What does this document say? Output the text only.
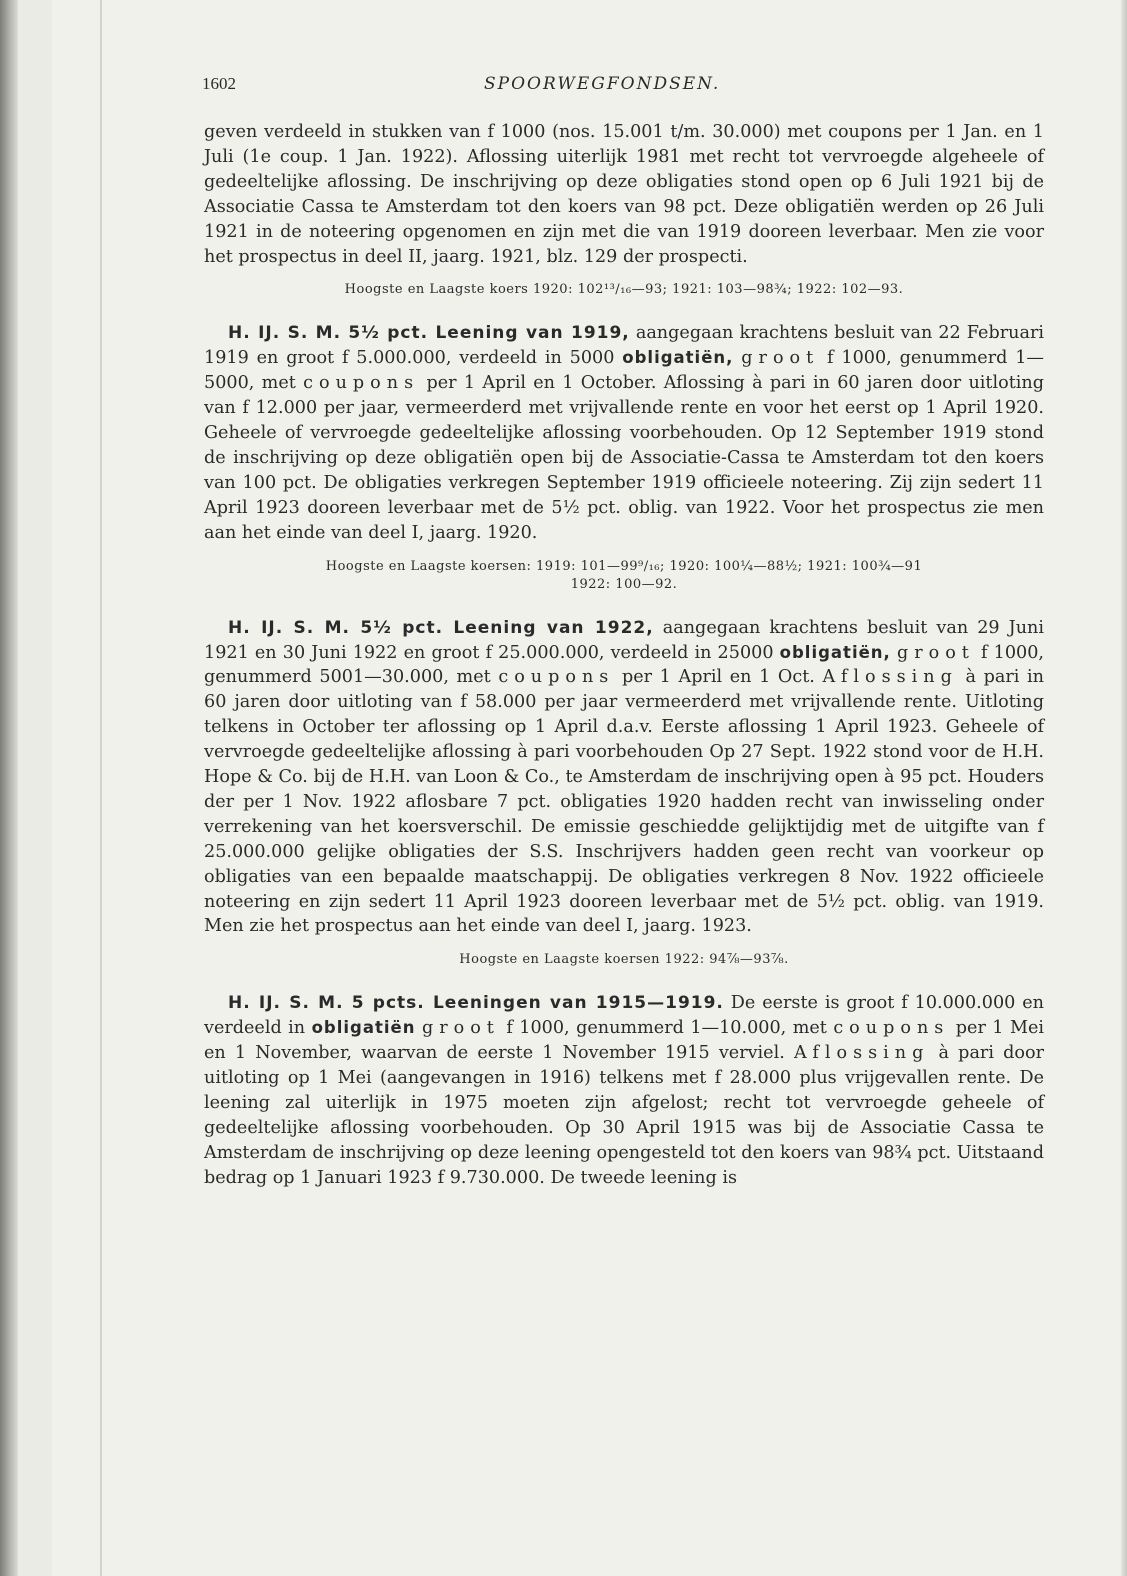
1602	SPOORWEGFONDSEN.

geven verdeeld in stukken van f 1000 (nos. 15.001 t/m. 30.000) met coupons per 1 Jan. en 1 Juli (1e coup. 1 Jan. 1922). Aflossing uiterlijk 1981 met recht tot vervroegde algeheele of gedeeltelijke aflossing. De inschrijving op deze obligaties stond open op 6 Juli 1921 bij de Associatie Cassa te Amsterdam tot den koers van 98 pct. Deze obligatiën werden op 26 Juli 1921 in de noteering opgenomen en zijn met die van 1919 dooreen leverbaar. Men zie voor het prospectus in deel II, jaarg. 1921, blz. 129 der prospecti.

Hoogste en Laagste koers 1920: 102¹³/₁₆—93; 1921: 103—98¾; 1922: 102—93.

H. IJ. S. M. 5½ pct. Leening van 1919, aangegaan krachtens besluit van 22 Februari 1919 en groot f 5.000.000, verdeeld in 5000 obligatiën, groot f 1000, genummerd 1—5000, met coupons per 1 April en 1 October. Aflossing à pari in 60 jaren door uitloting van f 12.000 per jaar, vermeerderd met vrijvallende rente en voor het eerst op 1 April 1920. Geheele of vervroegde gedeeltelijke aflossing voorbehouden. Op 12 September 1919 stond de inschrijving op deze obligatiën open bij de Associatie-Cassa te Amsterdam tot den koers van 100 pct. De obligaties verkregen September 1919 officieele noteering. Zij zijn sedert 11 April 1923 dooreen leverbaar met de 5½ pct. oblig. van 1922. Voor het prospectus zie men aan het einde van deel I, jaarg. 1920.

Hoogste en Laagste koersen: 1919: 101—99⁹/₁₆; 1920: 100¼—88½; 1921: 100¾—91
1922: 100—92.

H. IJ. S. M. 5½ pct. Leening van 1922, aangegaan krachtens besluit van 29 Juni 1921 en 30 Juni 1922 en groot f 25.000.000, verdeeld in 25000 obligatiën, groot f 1000, genummerd 5001—30.000, met coupons per 1 April en 1 Oct. Aflossing à pari in 60 jaren door uitloting van f 58.000 per jaar vermeerderd met vrijvallende rente. Uitloting telkens in October ter aflossing op 1 April d.a.v. Eerste aflossing 1 April 1923. Geheele of vervroegde gedeeltelijke aflossing à pari voorbehouden Op 27 Sept. 1922 stond voor de H.H. Hope & Co. bij de H.H. van Loon & Co., te Amsterdam de inschrijving open à 95 pct. Houders der per 1 Nov. 1922 aflosbare 7 pct. obligaties 1920 hadden recht van inwisseling onder verrekening van het koersverschil. De emissie geschiedde gelijktijdig met de uitgifte van f 25.000.000 gelijke obligaties der S.S. Inschrijvers hadden geen recht van voorkeur op obligaties van een bepaalde maatschappij. De obligaties verkregen 8 Nov. 1922 officieele noteering en zijn sedert 11 April 1923 dooreen leverbaar met de 5½ pct. oblig. van 1919. Men zie het prospectus aan het einde van deel I, jaarg. 1923.

Hoogste en Laagste koersen 1922: 94⅞—93⅞.

H. IJ. S. M. 5 pcts. Leeningen van 1915—1919. De eerste is groot f 10.000.000 en verdeeld in obligatiën groot f 1000, genummerd 1—10.000, met coupons per 1 Mei en 1 November, waarvan de eerste 1 November 1915 verviel. Aflossing à pari door uitloting op 1 Mei (aangevangen in 1916) telkens met f 28.000 plus vrijgevallen rente. De leening zal uiterlijk in 1975 moeten zijn afgelost; recht tot vervroegde geheele of gedeeltelijke aflossing voorbehouden. Op 30 April 1915 was bij de Associatie Cassa te Amsterdam de inschrijving op deze leening opengesteld tot den koers van 98¾ pct. Uitstaand bedrag op 1 Januari 1923 f 9.730.000. De tweede leening is
